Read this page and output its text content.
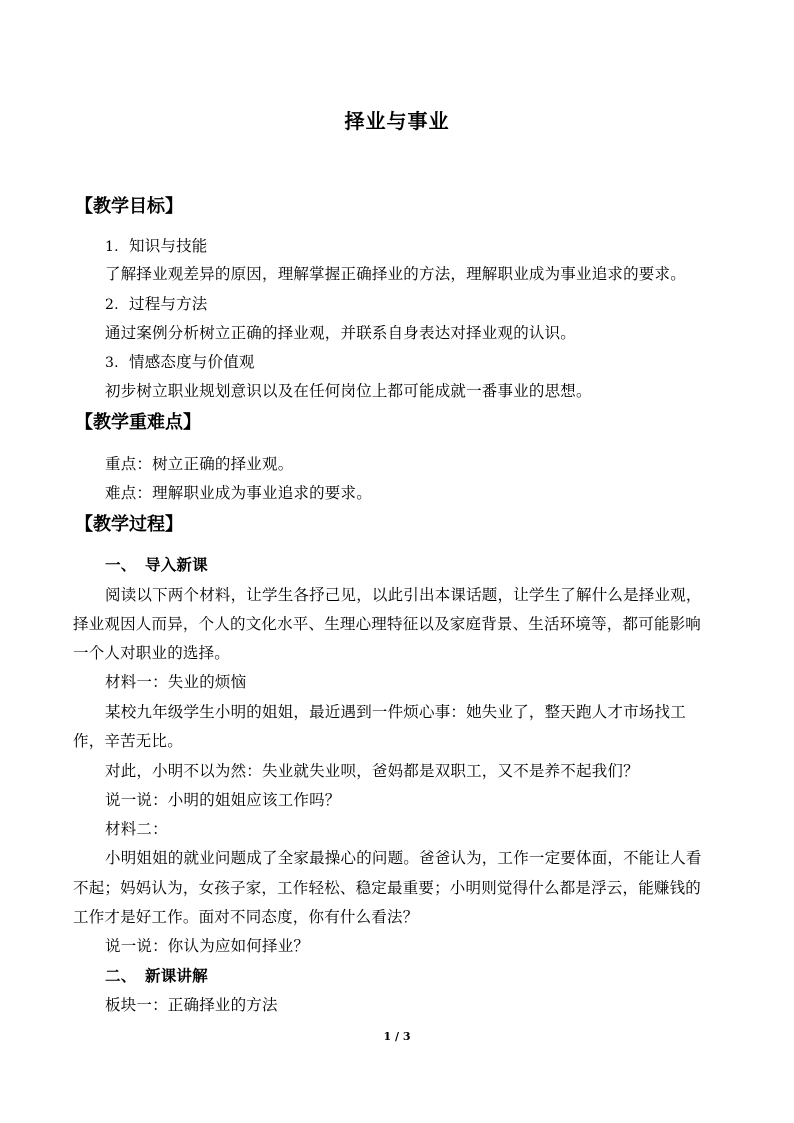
择业与事业
【教学目标】
1. 知识与技能
了解择业观差异的原因，理解掌握正确择业的方法，理解职业成为事业追求的要求。
2. 过程与方法
通过案例分析树立正确的择业观，并联系自身表达对择业观的认识。
3. 情感态度与价值观
初步树立职业规划意识以及在任何岗位上都可能成就一番事业的思想。
【教学重难点】
重点：树立正确的择业观。
难点：理解职业成为事业追求的要求。
【教学过程】
一、 导入新课
阅读以下两个材料，让学生各抒己见，以此引出本课话题，让学生了解什么是择业观，
择业观因人而异，个人的文化水平、生理心理特征以及家庭背景、生活环境等，都可能影响
一个人对职业的选择。
材料一：失业的烦恼
某校九年级学生小明的姐姐，最近遇到一件烦心事：她失业了，整天跑人才市场找工
作，辛苦无比。
对此，小明不以为然：失业就失业呗，爸妈都是双职工，又不是养不起我们？
说一说：小明的姐姐应该工作吗？
材料二：
小明姐姐的就业问题成了全家最操心的问题。爸爸认为，工作一定要体面，不能让人看
不起；妈妈认为，女孩子家，工作轻松、稳定最重要；小明则觉得什么都是浮云，能赚钱的
工作才是好工作。面对不同态度，你有什么看法？
说一说：你认为应如何择业？
二、 新课讲解
板块一：正确择业的方法
1 / 3
